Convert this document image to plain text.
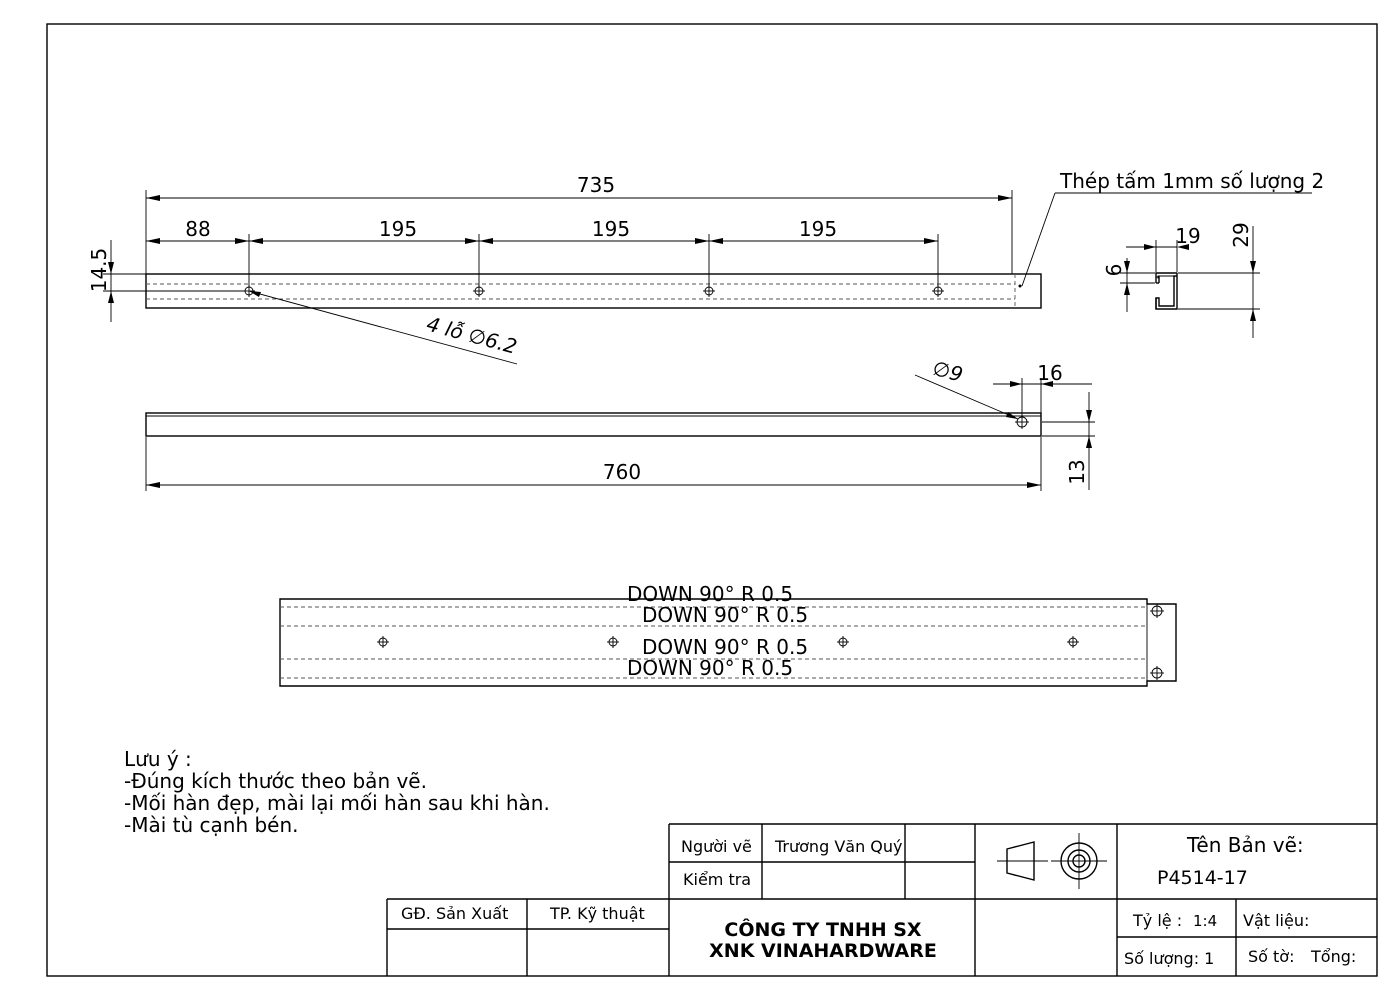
735
88	195	195	195
14.5
4 lỗ ∅6.2
Thép tấm 1mm số lượng 2
19
6
29
∅9	16
13
760
DOWN 90° R 0.5
DOWN 90° R 0.5
DOWN 90° R 0.5
DOWN 90° R 0.5
Lưu ý :
-Đúng kích thước theo bản vẽ.
-Mối hàn đẹp, mài lại mối hàn sau khi hàn.
-Mài tù cạnh bén.
Người vẽ Trương Văn Quý
Kiểm tra
GĐ. Sản Xuất	TP. Kỹ thuật
CÔNG TY TNHH SX
XNK VINAHARDWARE
Tên Bản vẽ:
P4514-17
Tỷ lệ : 1:4 Vật liệu:
Số lượng: 1 Số tờ: Tổng:
